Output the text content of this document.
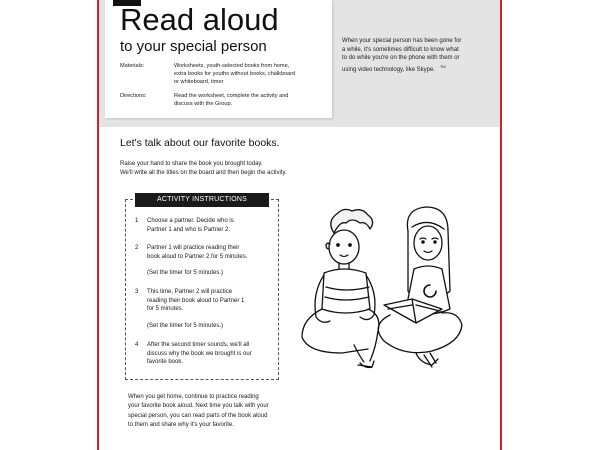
Read aloud
to your special person
Materials:	Worksheets, youth-selected books from home,
extra books for youths without books, chalkboard
or whiteboard, timer
Directions:	Read the worksheet, complete the activity and
discuss with the Group.
When your special person has been gone for
a while, it's sometimes difficult to know what
to do while you're on the phone with them or
using video technology, like Skype.   ™
Let's talk about our favorite books.
Raise your hand to share the book you brought today.
We'll write all the titles on the board and then begin the activity.
ACTIVITY INSTRUCTIONS
1 Choose a partner. Decide who is
Partner 1 and who is Partner 2.
2 Partner 1 will practice reading their
book aloud to Partner 2 for 5 minutes.
(Set the timer for 5 minutes.)
3 This time, Partner 2 will practice
reading their book aloud to Partner 1
for 5 minutes.
(Set the timer for 5 minutes.)
4 After the second timer sounds, we'll all
discuss why the book we brought is our
favorite book.
When you get home, continue to practice reading
your favorite book aloud. Next time you talk with your
special person, you can read parts of the book aloud
to them and share why it's your favorite.
